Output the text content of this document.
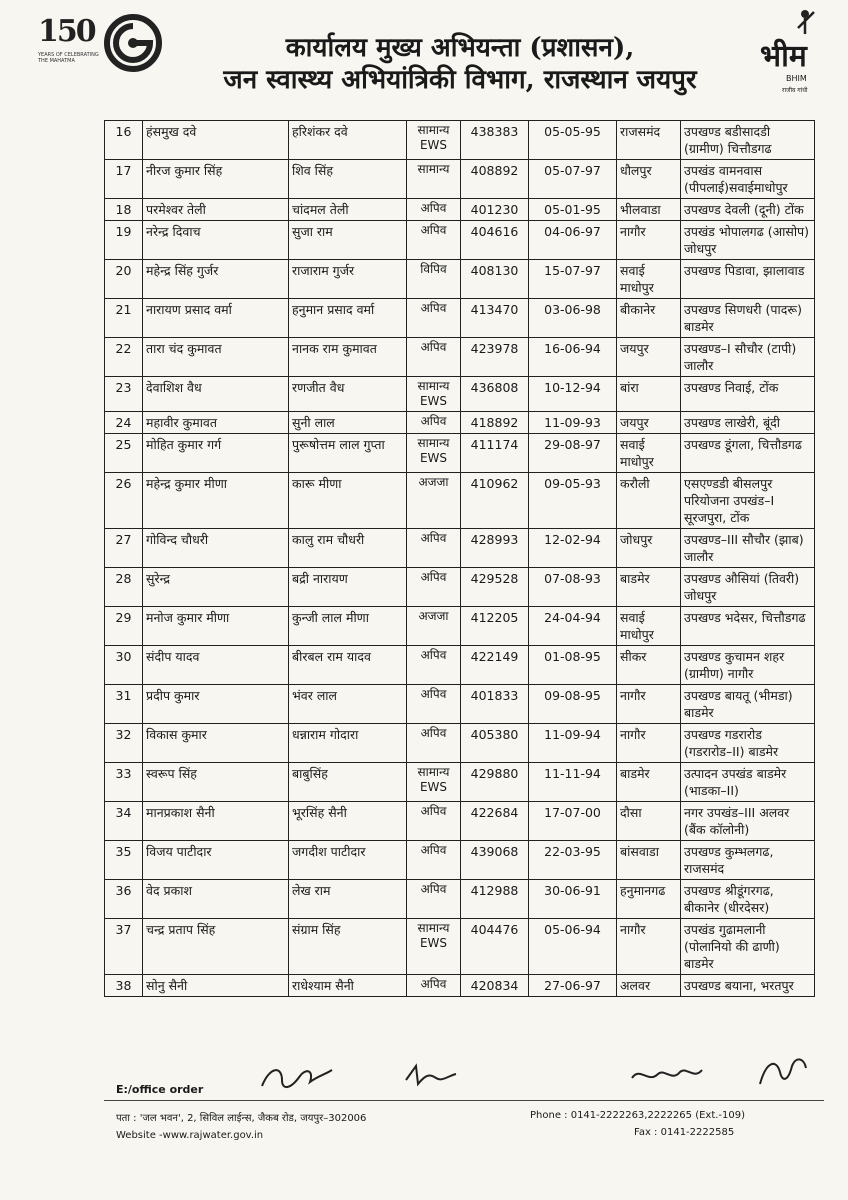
150
YEARS OF CELEBRATING THE MAHATMA	कार्यालय मुख्य अभियन्ता (प्रशासन),
जन स्वास्थ्य अभियांत्रिकी विभाग, राजस्थान जयपुर
भीम
BHIM
राजीव गांधी
16	हंसमुख दवे	हरिशंकर दवे	सामान्य EWS	438383	05-05-95	राजसमंद	उपखण्ड बडीसादडी (ग्रामीण) चित्तौडगढ
17	नीरज कुमार सिंह	शिव सिंह	सामान्य	408892	05-07-97	धौलपुर	उपखंड वामनवास (पीपलाई)सवाईमाधोपुर
18	परमेश्वर तेली	चांदमल तेली	अपिव	401230	05-01-95	भीलवाडा	उपखण्ड देवली (दूनी) टोंक
19	नरेन्द्र दिवाच	सुजा राम	अपिव	404616	04-06-97	नागौर	उपखंड भोपालगढ (आसोप) जोधपुर
20	महेन्द्र सिंह गुर्जर	राजाराम गुर्जर	विपिव	408130	15-07-97	सवाई माधोपुर	उपखण्ड पिडावा, झालावाड
21	नारायण प्रसाद वर्मा	हनुमान प्रसाद वर्मा	अपिव	413470	03-06-98	बीकानेर	उपखण्ड सिणधरी (पादरू) बाडमेर
22	तारा चंद कुमावत	नानक राम कुमावत	अपिव	423978	16-06-94	जयपुर	उपखण्ड–I सौचौर (टापी) जालौर
23	देवाशिश वैध	रणजीत वैध	सामान्य EWS	436808	10-12-94	बांरा	उपखण्ड निवाई, टोंक
24	महावीर कुमावत	सुनी लाल	अपिव	418892	11-09-93	जयपुर	उपखण्ड लाखेरी, बूंदी
25	मोहित कुमार गर्ग	पुरूषोत्तम लाल गुप्ता	सामान्य EWS	411174	29-08-97	सवाई माधोपुर	उपखण्ड डूंगला, चित्तौडगढ
26	महेन्द्र कुमार मीणा	कारू मीणा	अजजा	410962	09-05-93	करौली	एसएण्डडी बीसलपुर परियोजना उपखंड–I सूरजपुरा, टोंक
27	गोविन्द चौधरी	कालु राम चौधरी	अपिव	428993	12-02-94	जोधपुर	उपखण्ड–III सौचौर (झाब) जालौर
28	सुरेन्द्र	बद्री नारायण	अपिव	429528	07-08-93	बाडमेर	उपखण्ड औसियां (तिवरी) जोधपुर
29	मनोज कुमार मीणा	कुन्जी लाल मीणा	अजजा	412205	24-04-94	सवाई माधोपुर	उपखण्ड भदेसर, चित्तौडगढ
30	संदीप यादव	बीरबल राम यादव	अपिव	422149	01-08-95	सीकर	उपखण्ड कुचामन शहर (ग्रामीण) नागौर
31	प्रदीप कुमार	भंवर लाल	अपिव	401833	09-08-95	नागौर	उपखण्ड बायतू (भीमडा) बाडमेर
32	विकास कुमार	धन्नाराम गोदारा	अपिव	405380	11-09-94	नागौर	उपखण्ड गडरारोड (गडरारोड–II) बाडमेर
33	स्वरूप सिंह	बाबुसिंह	सामान्य EWS	429880	11-11-94	बाडमेर	उत्पादन उपखंड बाडमेर (भाडका–II)
34	मानप्रकाश सैनी	भूरसिंह सैनी	अपिव	422684	17-07-00	दौसा	नगर उपखंड–III अलवर (बैंक कॉलोनी)
35	विजय पाटीदार	जगदीश पाटीदार	अपिव	439068	22-03-95	बांसवाडा	उपखण्ड कुम्भलगढ, राजसमंद
36	वेद प्रकाश	लेख राम	अपिव	412988	30-06-91	हनुमानगढ	उपखण्ड श्रीडूंगरगढ, बीकानेर (धीरदेसर)
37	चन्द्र प्रताप सिंह	संग्राम सिंह	सामान्य EWS	404476	05-06-94	नागौर	उपखंड गुढामलानी (पोलानियो की ढाणी) बाडमेर
38	सोनु सैनी	राधेश्याम सैनी	अपिव	420834	27-06-97	अलवर	उपखण्ड बयाना, भरतपुर
E:/office order
पता : 'जल भवन', 2, सिविल लाईन्स, जैकब रोड, जयपुर–302006
Website -www.rajwater.gov.in
Phone : 0141-2222263,2222265 (Ext.-109)
Fax : 0141-2222585
